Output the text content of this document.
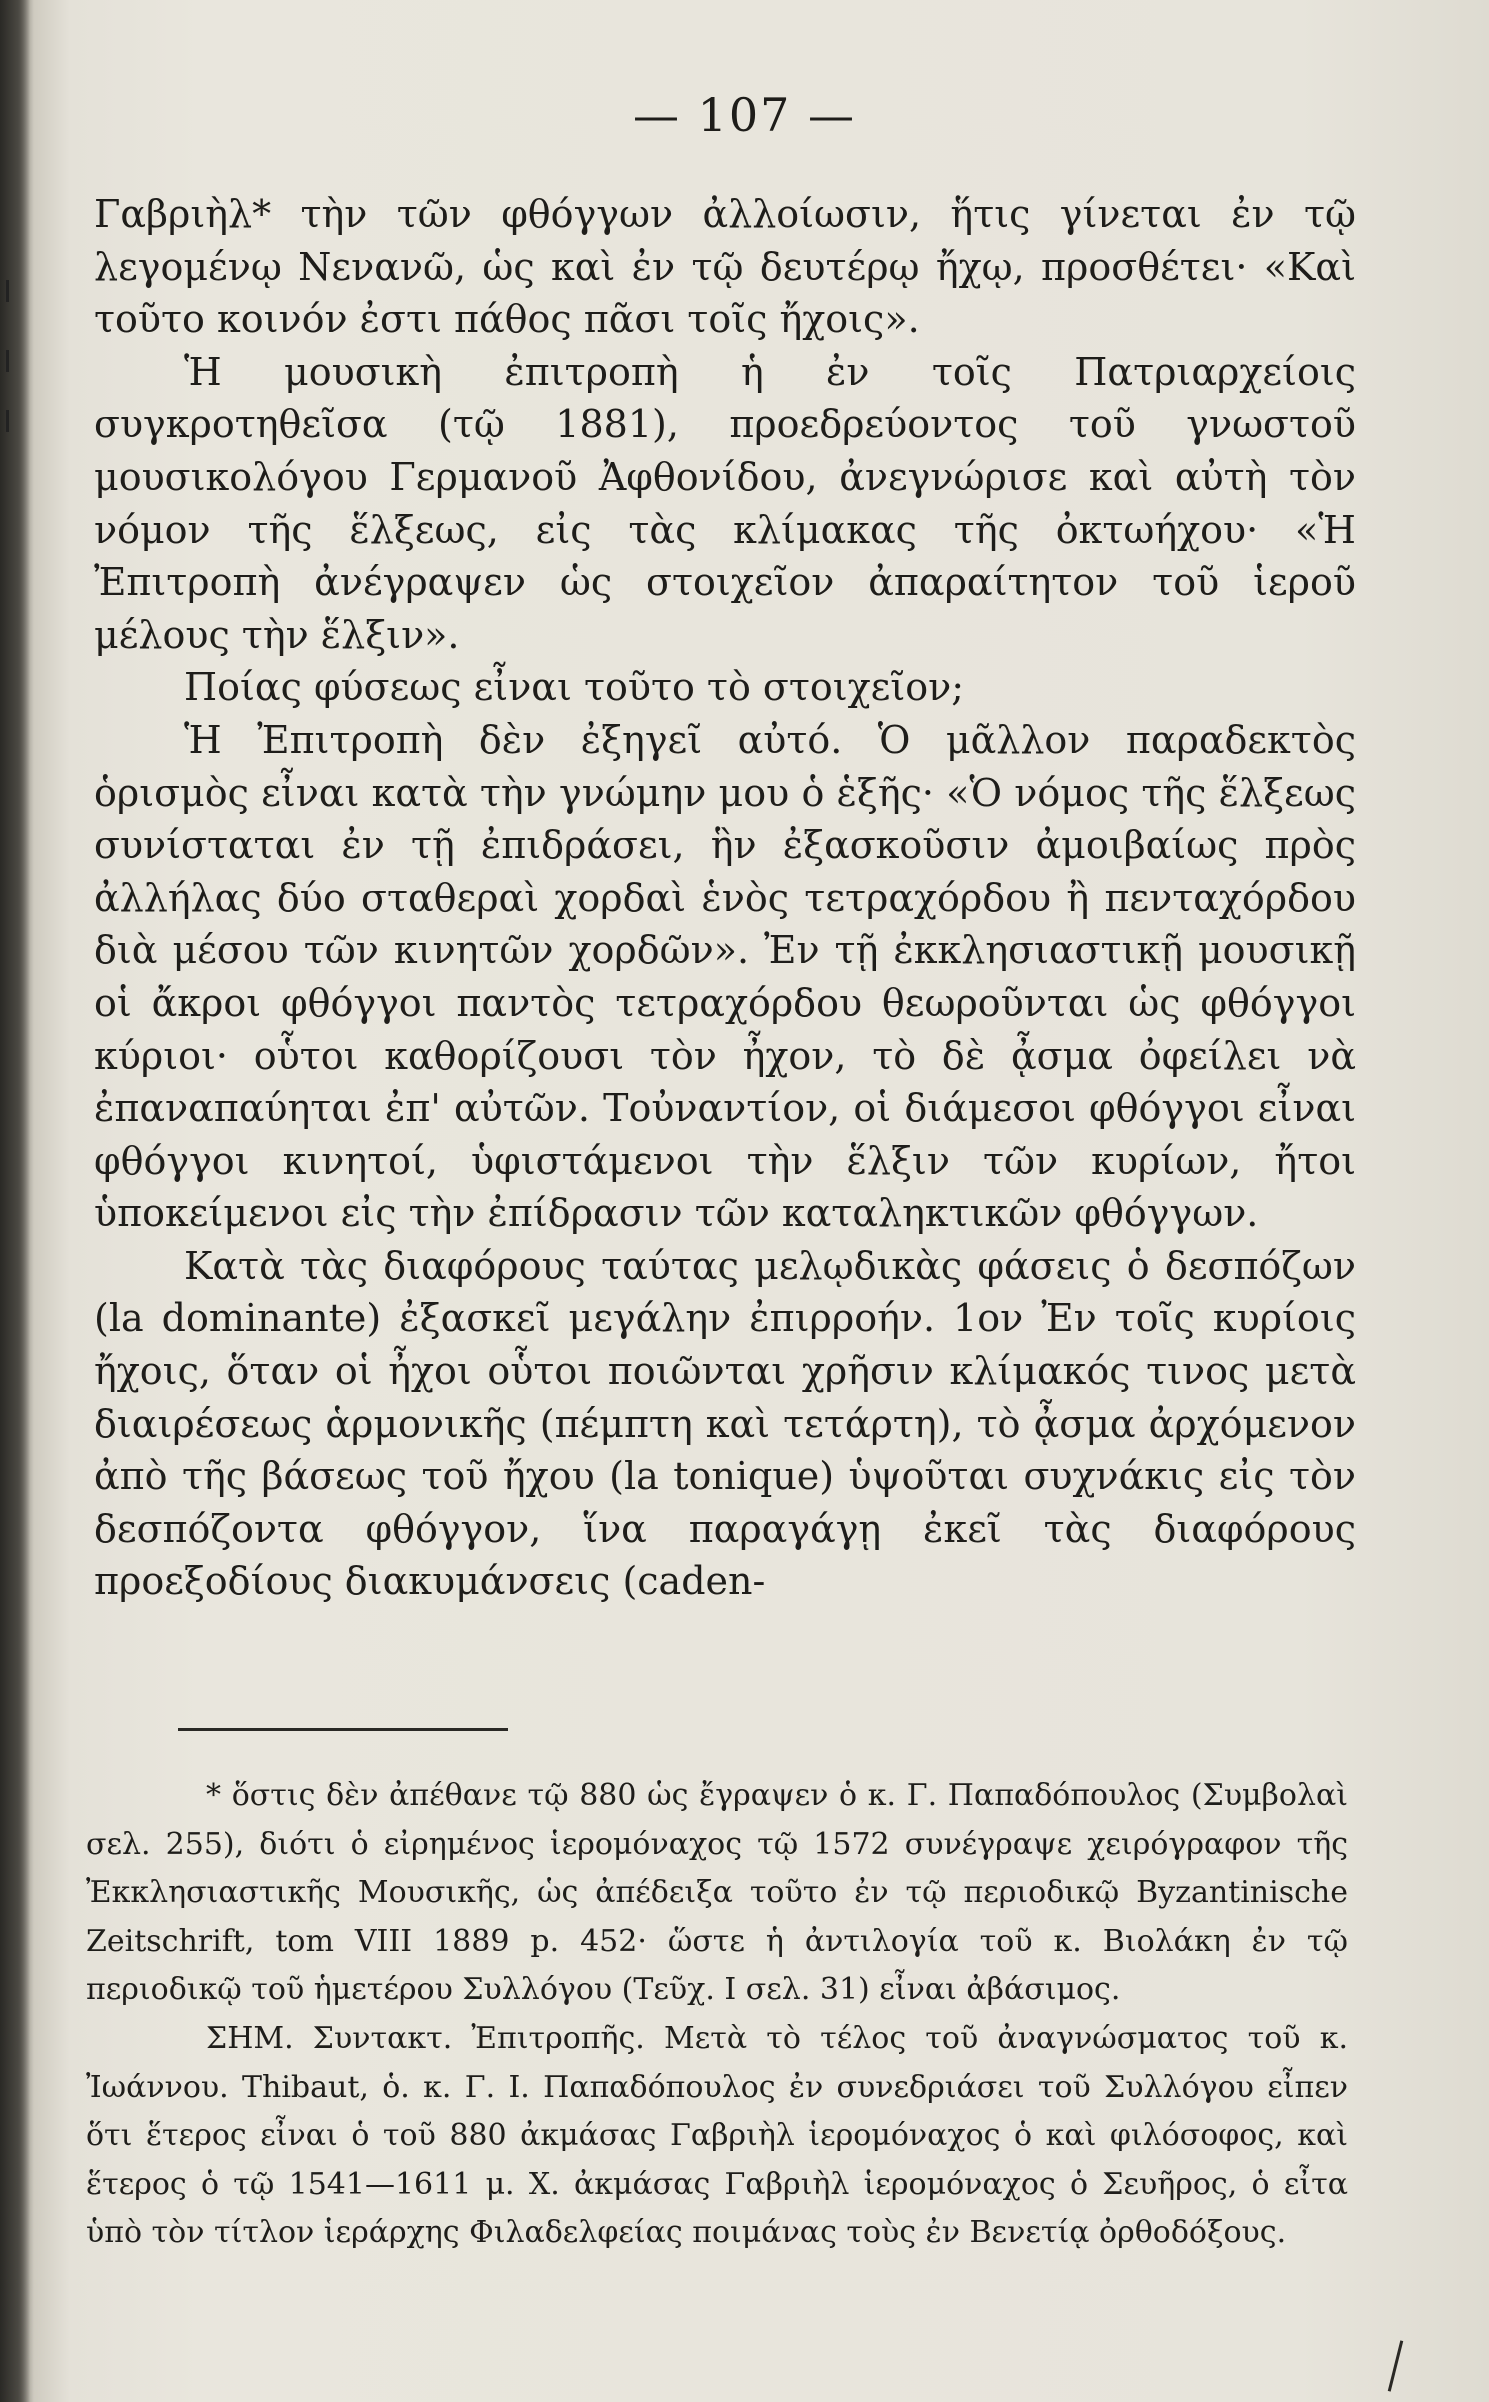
— 107 —

Γαβριὴλ* τὴν τῶν φθόγγων ἀλλοίωσιν, ἥτις γίνεται ἐν τῷ λεγομένῳ Νενανῶ, ὡς καὶ ἐν τῷ δευτέρῳ ἤχῳ, προσθέτει· «Καὶ τοῦτο κοινόν ἐστι πάθος πᾶσι τοῖς ἤχοις».

Ἡ μουσικὴ ἐπιτροπὴ ἡ ἐν τοῖς Πατριαρχείοις συγκροτηθεῖσα (τῷ 1881), προεδρεύοντος τοῦ γνωστοῦ μουσικολόγου Γερμανοῦ Ἀφθονίδου, ἀνεγνώρισε καὶ αὐτὴ τὸν νόμον τῆς ἕλξεως, εἰς τὰς κλίμακας τῆς ὀκτωήχου· «Ἡ Ἐπιτροπὴ ἀνέγραψεν ὡς στοιχεῖον ἀπαραίτητον τοῦ ἱεροῦ μέλους τὴν ἕλξιν».

Ποίας φύσεως εἶναι τοῦτο τὸ στοιχεῖον;

Ἡ Ἐπιτροπὴ δὲν ἐξηγεῖ αὐτό. Ὁ μᾶλλον παραδεκτὸς ὁρισμὸς εἶναι κατὰ τὴν γνώμην μου ὁ ἑξῆς· «Ὁ νόμος τῆς ἕλξεως συνίσταται ἐν τῇ ἐπιδράσει, ἣν ἐξασκοῦσιν ἀμοιβαίως πρὸς ἀλλήλας δύο σταθεραὶ χορδαὶ ἑνὸς τετραχόρδου ἢ πενταχόρδου διὰ μέσου τῶν κινητῶν χορδῶν». Ἐν τῇ ἐκκλησιαστικῇ μουσικῇ οἱ ἄκροι φθόγγοι παντὸς τετραχόρδου θεωροῦνται ὡς φθόγγοι κύριοι· οὗτοι καθορίζουσι τὸν ἦχον, τὸ δὲ ᾆσμα ὀφείλει νὰ ἐπαναπαύηται ἐπ' αὐτῶν. Τοὐναντίον, οἱ διάμεσοι φθόγγοι εἶναι φθόγγοι κινητοί, ὑφιστάμενοι τὴν ἕλξιν τῶν κυρίων, ἤτοι ὑποκείμενοι εἰς τὴν ἐπίδρασιν τῶν καταληκτικῶν φθόγγων.

Κατὰ τὰς διαφόρους ταύτας μελῳδικὰς φάσεις ὁ δεσπόζων (la dominante) ἐξασκεῖ μεγάλην ἐπιρροήν. 1ον Ἐν τοῖς κυρίοις ἤχοις, ὅταν οἱ ἦχοι οὗτοι ποιῶνται χρῆσιν κλίμακός τινος μετὰ διαιρέσεως ἁρμονικῆς (πέμπτη καὶ τετάρτη), τὸ ᾆσμα ἀρχόμενον ἀπὸ τῆς βάσεως τοῦ ἤχου (la tonique) ὑψοῦται συχνάκις εἰς τὸν δεσπόζοντα φθόγγον, ἵνα παραγάγῃ ἐκεῖ τὰς διαφόρους προεξοδίους διακυμάνσεις (caden-

* ὅστις δὲν ἀπέθανε τῷ 880 ὡς ἔγραψεν ὁ κ. Γ. Παπαδόπουλος (Συμβολαὶ σελ. 255), διότι ὁ εἰρημένος ἱερομόναχος τῷ 1572 συνέγραψε χειρόγραφον τῆς Ἐκκλησιαστικῆς Μουσικῆς, ὡς ἀπέδειξα τοῦτο ἐν τῷ περιοδικῷ Byzantinische Zeitschrift, tom VIII 1889 p. 452· ὥστε ἡ ἀντιλογία τοῦ κ. Βιολάκη ἐν τῷ περιοδικῷ τοῦ ἡμετέρου Συλλόγου (Τεῦχ. I σελ. 31) εἶναι ἀβάσιμος.

ΣΗΜ. Συντακτ. Ἐπιτροπῆς. Μετὰ τὸ τέλος τοῦ ἀναγνώσματος τοῦ κ. Ἰωάννου. Thibaut, ὁ. κ. Γ. Ι. Παπαδόπουλος ἐν συνεδριάσει τοῦ Συλλόγου εἶπεν ὅτι ἕτερος εἶναι ὁ τοῦ 880 ἀκμάσας Γαβριὴλ ἱερομόναχος ὁ καὶ φιλόσοφος, καὶ ἕτερος ὁ τῷ 1541—1611 μ. Χ. ἀκμάσας Γαβριὴλ ἱερομόναχος ὁ Σευῆρος, ὁ εἶτα ὑπὸ τὸν τίτλον ἱεράρχης Φιλαδελφείας ποιμάνας τοὺς ἐν Βενετίᾳ ὀρθοδόξους.
